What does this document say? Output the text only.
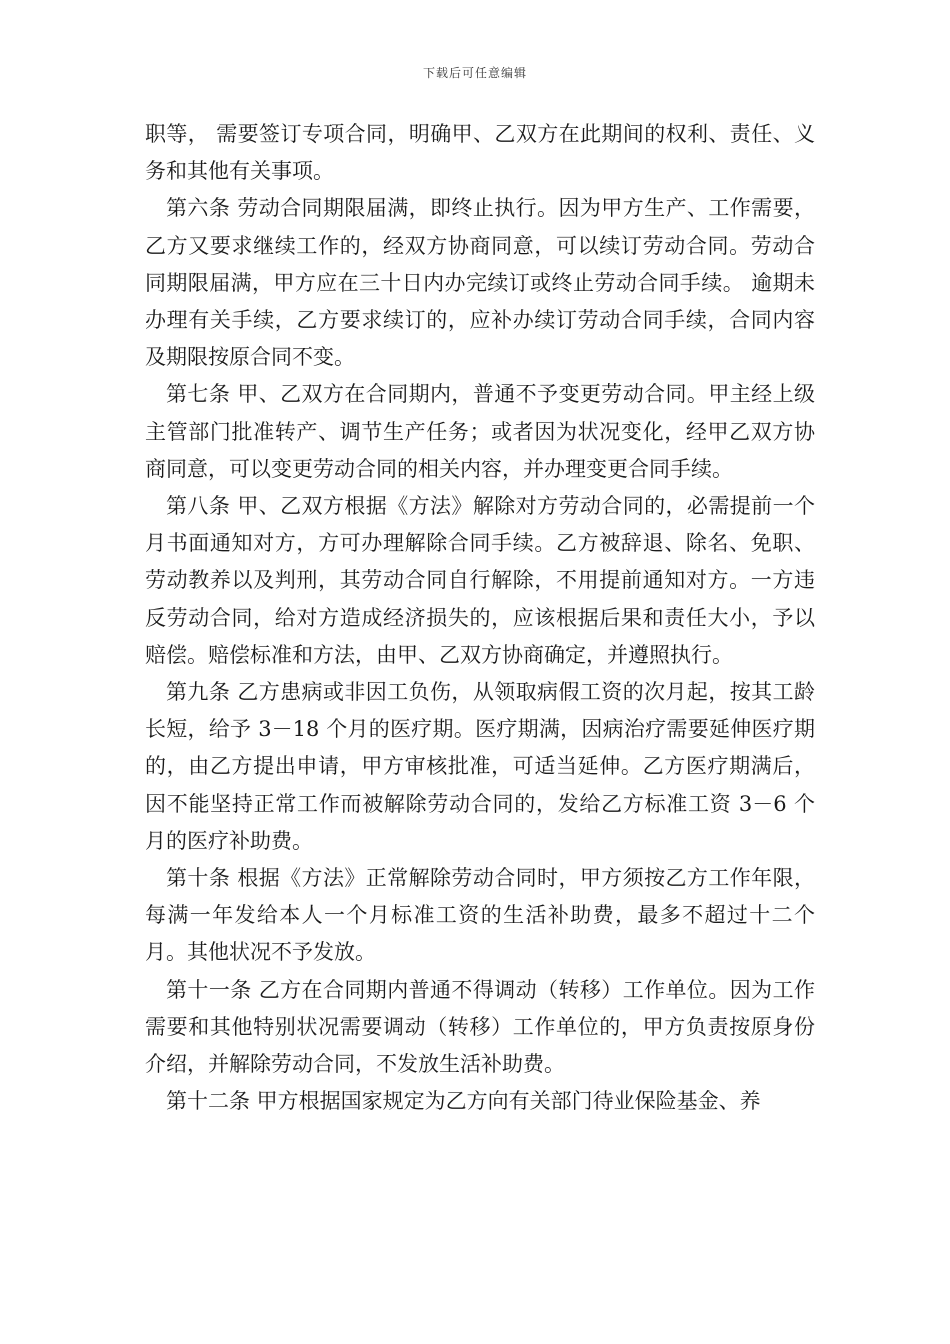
下载后可任意编辑

职等， 需要签订专项合同，明确甲、乙双方在此期间的权利、责任、义务和其他有关事项。

第六条 劳动合同期限届满，即终止执行。因为甲方生产、工作需要，乙方又要求继续工作的，经双方协商同意，可以续订劳动合同。劳动合同期限届满，甲方应在三十日内办完续订或终止劳动合同手续。 逾期未办理有关手续，乙方要求续订的，应补办续订劳动合同手续，合同内容及期限按原合同不变。

第七条 甲、乙双方在合同期内，普通不予变更劳动合同。甲主经上级主管部门批准转产、调节生产任务；或者因为状况变化，经甲乙双方协商同意，可以变更劳动合同的相关内容，并办理变更合同手续。

第八条 甲、乙双方根据《方法》解除对方劳动合同的，必需提前一个月书面通知对方，方可办理解除合同手续。乙方被辞退、除名、免职、劳动教养以及判刑，其劳动合同自行解除，不用提前通知对方。一方违反劳动合同，给对方造成经济损失的，应该根据后果和责任大小，予以赔偿。赔偿标准和方法，由甲、乙双方协商确定，并遵照执行。

第九条 乙方患病或非因工负伤，从领取病假工资的次月起，按其工龄长短，给予 3－18 个月的医疗期。医疗期满，因病治疗需要延伸医疗期的，由乙方提出申请，甲方审核批准，可适当延伸。乙方医疗期满后， 因不能坚持正常工作而被解除劳动合同的，发给乙方标准工资 3－6 个月的医疗补助费。

第十条 根据《方法》正常解除劳动合同时，甲方须按乙方工作年限， 每满一年发给本人一个月标准工资的生活补助费，最多不超过十二个月。其他状况不予发放。

第十一条 乙方在合同期内普通不得调动（转移）工作单位。因为工作需要和其他特别状况需要调动（转移）工作单位的，甲方负责按原身份介绍，并解除劳动合同，不发放生活补助费。

第十二条 甲方根据国家规定为乙方向有关部门待业保险基金、养
